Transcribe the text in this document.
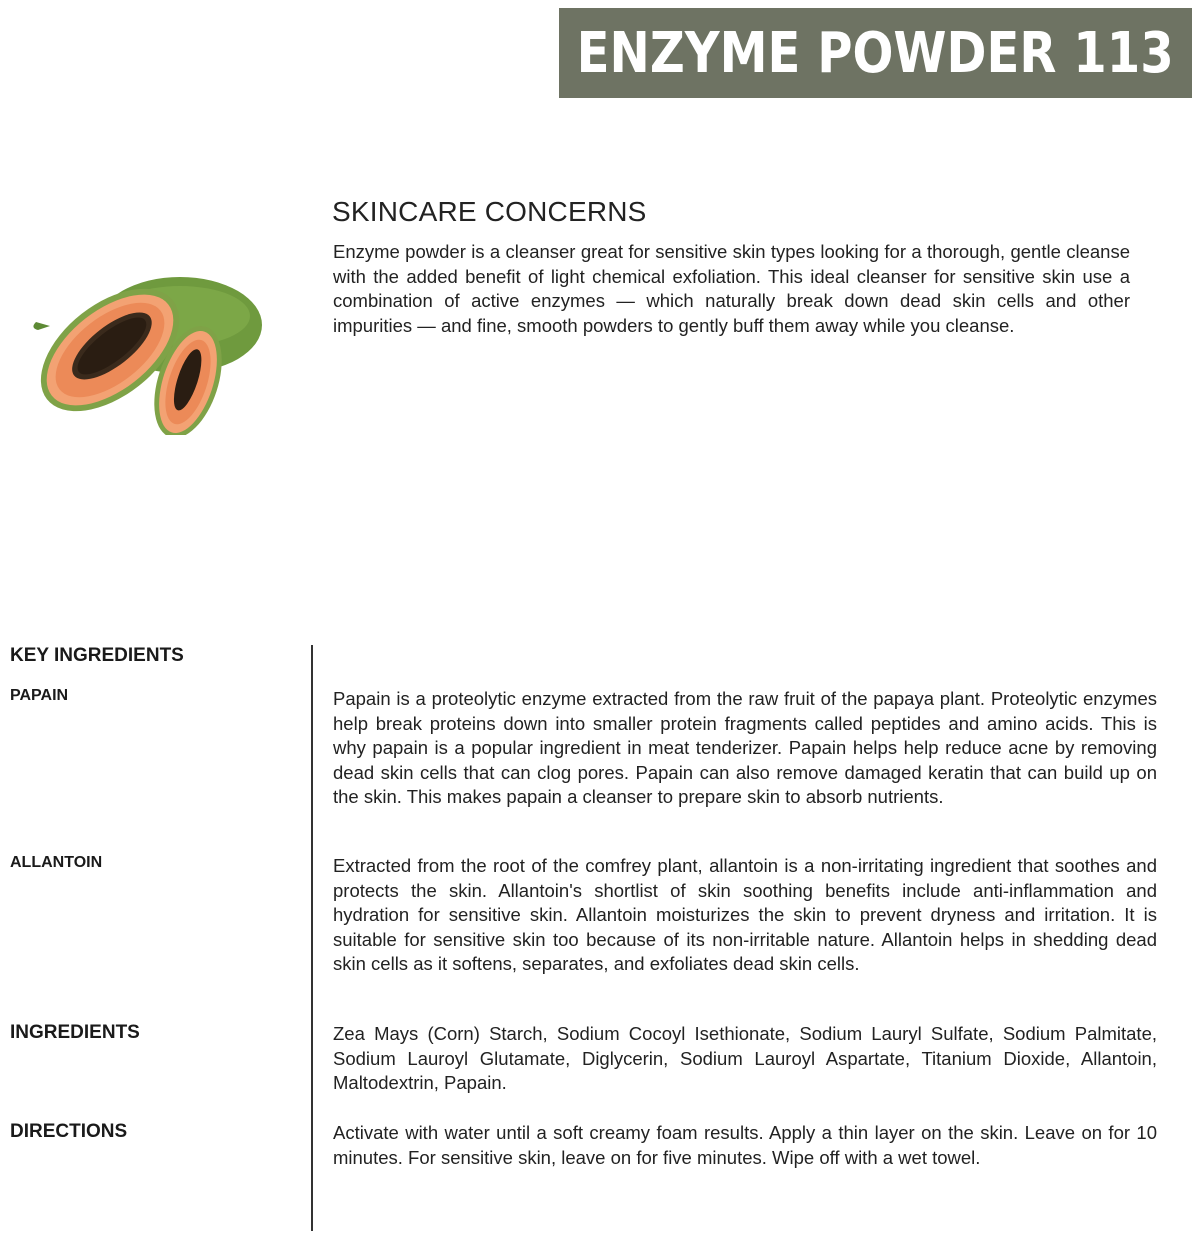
ENZYME POWDER 113
SKINCARE CONCERNS

Enzyme powder is a cleanser great for sensitive skin types looking for a thorough, gentle cleanse with the added benefit of light chemical exfoliation. This ideal cleanser for sensitive skin use a combination of active enzymes — which naturally break down dead skin cells and other impurities — and fine, smooth powders to gently buff them away while you cleanse.

KEY INGREDIENTS
PAPAIN	Papain is a proteolytic enzyme extracted from the raw fruit of the papaya plant. Proteolytic enzymes help break proteins down into smaller protein fragments called peptides and amino acids. This is why papain is a popular ingredient in meat tenderizer. Papain helps help reduce acne by removing dead skin cells that can clog pores. Papain can also remove damaged keratin that can build up on the skin. This makes papain a cleanser to prepare skin to absorb nutrients.

ALLANTOIN	Extracted from the root of the comfrey plant, allantoin is a non-irritating ingredient that soothes and protects the skin. Allantoin's shortlist of skin soothing benefits include anti-inflammation and hydration for sensitive skin. Allantoin moisturizes the skin to prevent dryness and irritation. It is suitable for sensitive skin too because of its non-irritable nature. Allantoin helps in shedding dead skin cells as it softens, separates, and exfoliates dead skin cells.

INGREDIENTS	Zea Mays (Corn) Starch, Sodium Cocoyl Isethionate, Sodium Lauryl Sulfate, Sodium Palmitate, Sodium Lauroyl Glutamate, Diglycerin, Sodium Lauroyl Aspartate, Titanium Dioxide, Allantoin, Maltodextrin, Papain.

DIRECTIONS	Activate with water until a soft creamy foam results. Apply a thin layer on the skin. Leave on for 10 minutes. For sensitive skin, leave on for five minutes. Wipe off with a wet towel.
